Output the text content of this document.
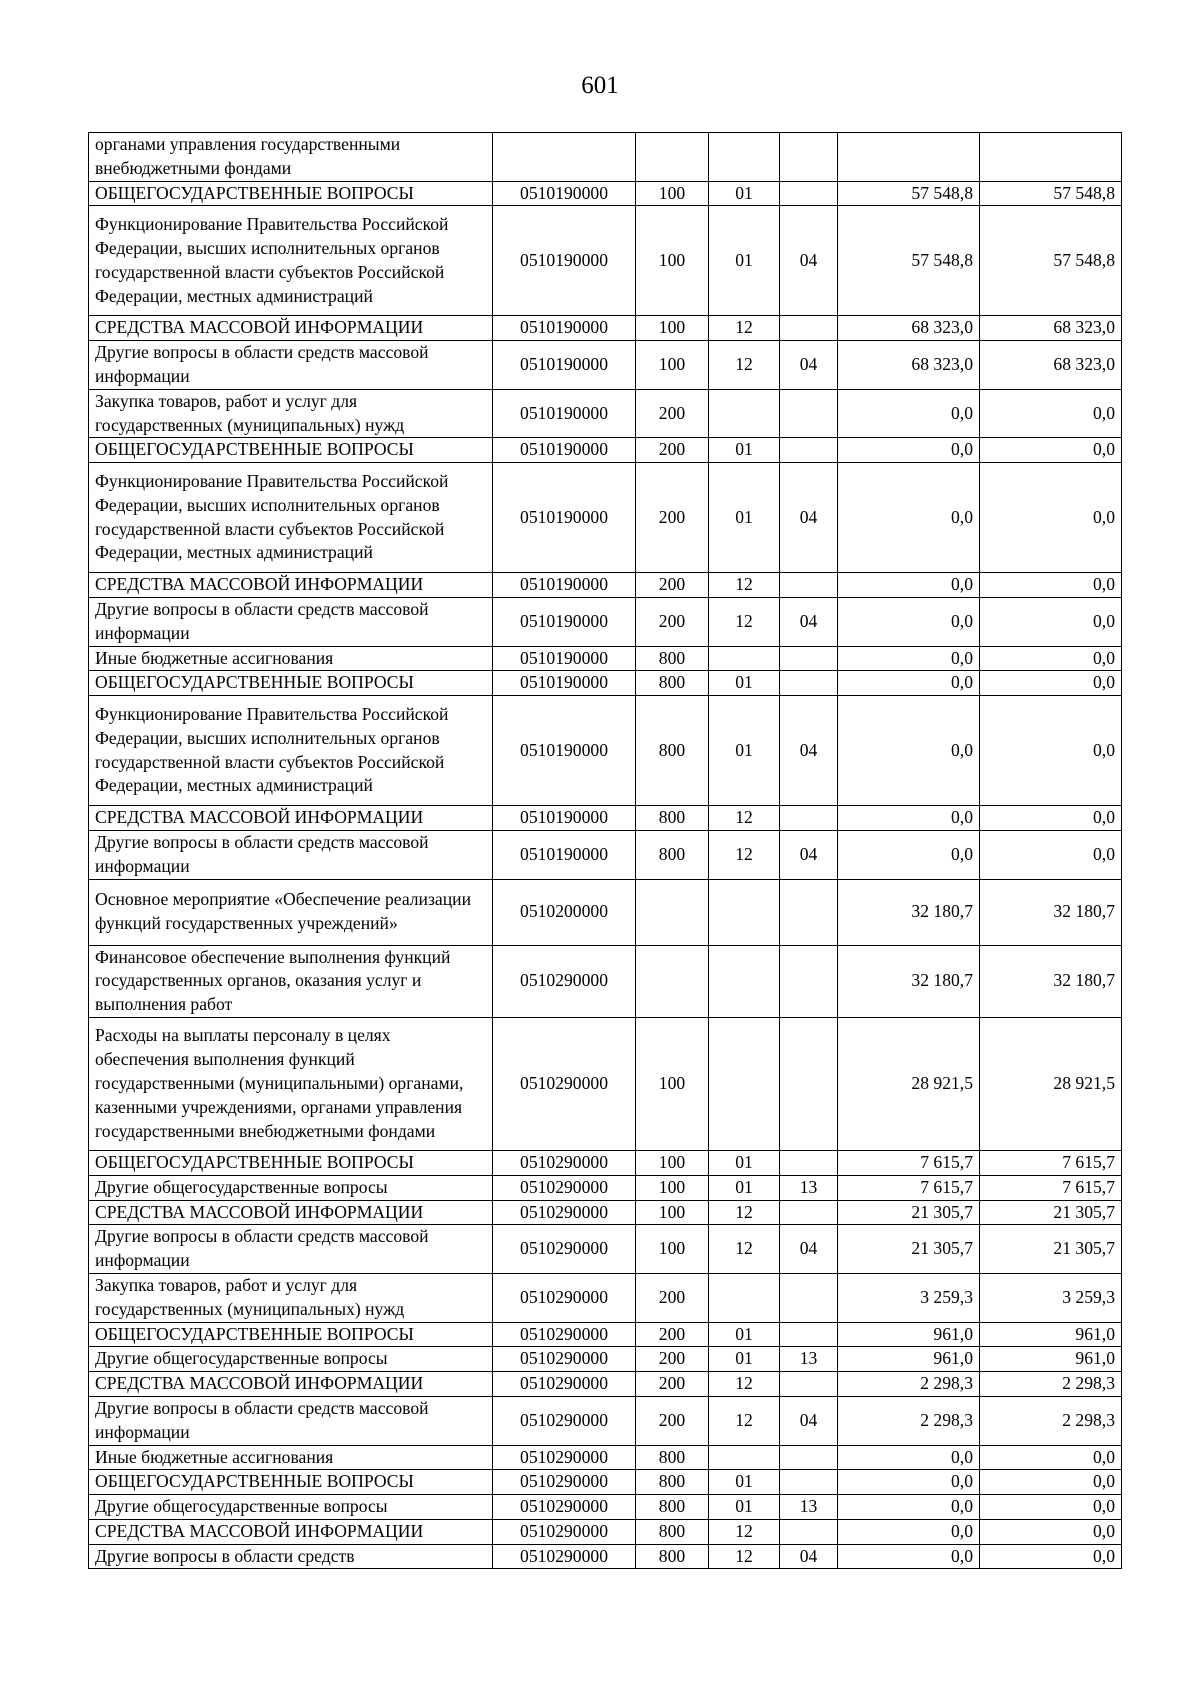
601
органами управления государственными внебюджетными фондами						
ОБЩЕГОСУДАРСТВЕННЫЕ ВОПРОСЫ	0510190000	100	01		57 548,8	57 548,8
Функционирование Правительства Российской Федерации, высших исполнительных органов государственной власти субъектов Российской Федерации, местных администраций	0510190000	100	01	04	57 548,8	57 548,8
СРЕДСТВА МАССОВОЙ ИНФОРМАЦИИ	0510190000	100	12		68 323,0	68 323,0
Другие вопросы в области средств массовой информации	0510190000	100	12	04	68 323,0	68 323,0
Закупка товаров, работ и услуг для государственных (муниципальных) нужд	0510190000	200			0,0	0,0
ОБЩЕГОСУДАРСТВЕННЫЕ ВОПРОСЫ	0510190000	200	01		0,0	0,0
Функционирование Правительства Российской Федерации, высших исполнительных органов государственной власти субъектов Российской Федерации, местных администраций	0510190000	200	01	04	0,0	0,0
СРЕДСТВА МАССОВОЙ ИНФОРМАЦИИ	0510190000	200	12		0,0	0,0
Другие вопросы в области средств массовой информации	0510190000	200	12	04	0,0	0,0
Иные бюджетные ассигнования	0510190000	800			0,0	0,0
ОБЩЕГОСУДАРСТВЕННЫЕ ВОПРОСЫ	0510190000	800	01		0,0	0,0
Функционирование Правительства Российской Федерации, высших исполнительных органов государственной власти субъектов Российской Федерации, местных администраций	0510190000	800	01	04	0,0	0,0
СРЕДСТВА МАССОВОЙ ИНФОРМАЦИИ	0510190000	800	12		0,0	0,0
Другие вопросы в области средств массовой информации	0510190000	800	12	04	0,0	0,0
Основное мероприятие «Обеспечение реализации функций государственных учреждений»	0510200000				32 180,7	32 180,7
Финансовое обеспечение выполнения функций государственных органов, оказания услуг и выполнения работ	0510290000				32 180,7	32 180,7
Расходы на выплаты персоналу в целях обеспечения выполнения функций государственными (муниципальными) органами, казенными учреждениями, органами управления государственными внебюджетными фондами	0510290000	100			28 921,5	28 921,5
ОБЩЕГОСУДАРСТВЕННЫЕ ВОПРОСЫ	0510290000	100	01		7 615,7	7 615,7
Другие общегосударственные вопросы	0510290000	100	01	13	7 615,7	7 615,7
СРЕДСТВА МАССОВОЙ ИНФОРМАЦИИ	0510290000	100	12		21 305,7	21 305,7
Другие вопросы в области средств массовой информации	0510290000	100	12	04	21 305,7	21 305,7
Закупка товаров, работ и услуг для государственных (муниципальных) нужд	0510290000	200			3 259,3	3 259,3
ОБЩЕГОСУДАРСТВЕННЫЕ ВОПРОСЫ	0510290000	200	01		961,0	961,0
Другие общегосударственные вопросы	0510290000	200	01	13	961,0	961,0
СРЕДСТВА МАССОВОЙ ИНФОРМАЦИИ	0510290000	200	12		2 298,3	2 298,3
Другие вопросы в области средств массовой информации	0510290000	200	12	04	2 298,3	2 298,3
Иные бюджетные ассигнования	0510290000	800			0,0	0,0
ОБЩЕГОСУДАРСТВЕННЫЕ ВОПРОСЫ	0510290000	800	01		0,0	0,0
Другие общегосударственные вопросы	0510290000	800	01	13	0,0	0,0
СРЕДСТВА МАССОВОЙ ИНФОРМАЦИИ	0510290000	800	12		0,0	0,0
Другие вопросы в области средств	0510290000	800	12	04	0,0	0,0
